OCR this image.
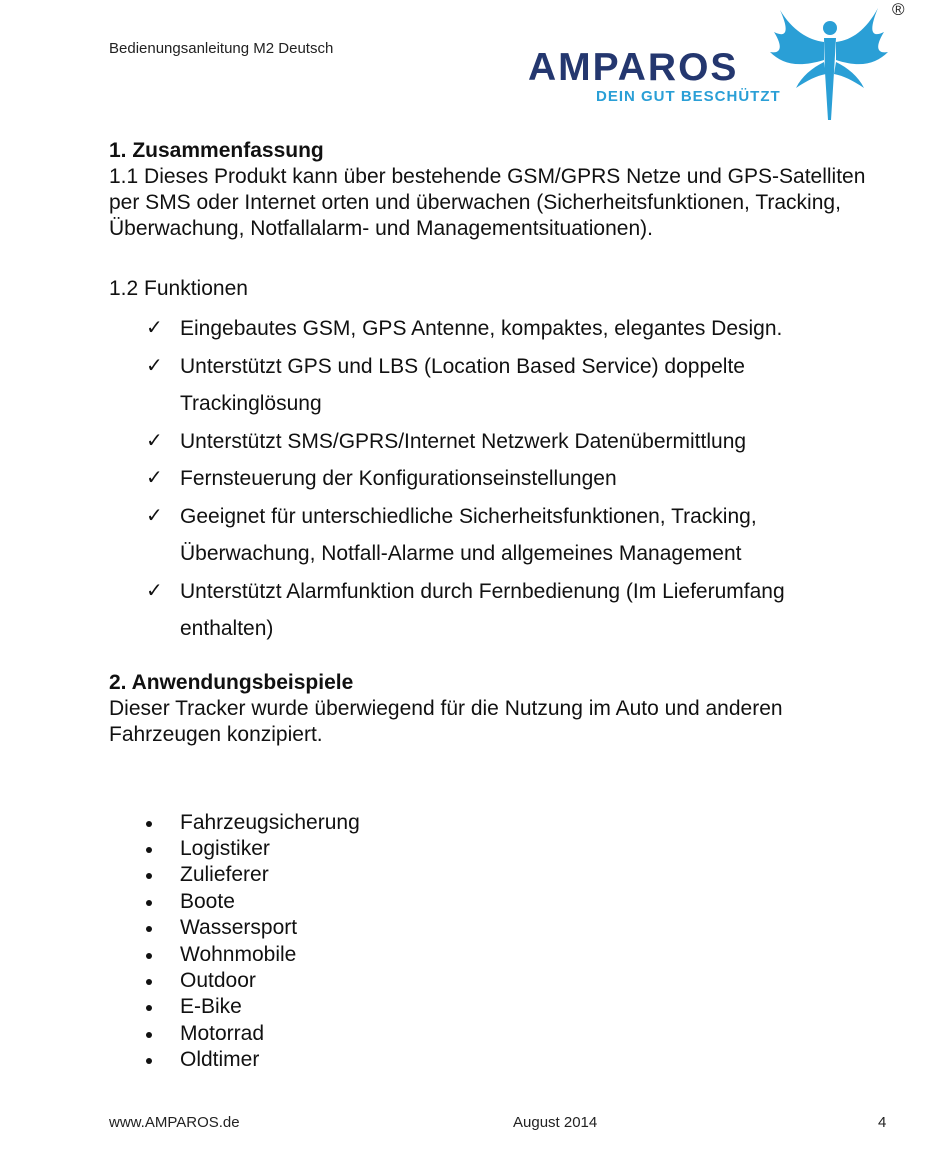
Bedienungsanleitung M2 Deutsch	AMPAROS
DEIN GUT BESCHÜTZT
®
1. Zusammenfassung
1.1 Dieses Produkt kann über bestehende GSM/GPRS Netze und GPS-Satelliten
per SMS oder Internet orten und überwachen (Sicherheitsfunktionen, Tracking,
Überwachung, Notfallalarm- und Managementsituationen).
1.2 Funktionen
✓ Eingebautes GSM, GPS Antenne, kompaktes, elegantes Design.
✓ Unterstützt GPS und LBS (Location Based Service) doppelte
Trackinglösung
✓ Unterstützt SMS/GPRS/Internet Netzwerk Datenübermittlung
✓ Fernsteuerung der Konfigurationseinstellungen
✓ Geeignet für unterschiedliche Sicherheitsfunktionen, Tracking,
Überwachung, Notfall-Alarme und allgemeines Management
✓ Unterstützt Alarmfunktion durch Fernbedienung (Im Lieferumfang
enthalten)
2. Anwendungsbeispiele
Dieser Tracker wurde überwiegend für die Nutzung im Auto und anderen
Fahrzeugen konzipiert.
Fahrzeugsicherung
Logistiker
Zulieferer
Boote
Wassersport
Wohnmobile
Outdoor
E-Bike
Motorrad
Oldtimer
www.AMPAROS.de	August 2014	4
